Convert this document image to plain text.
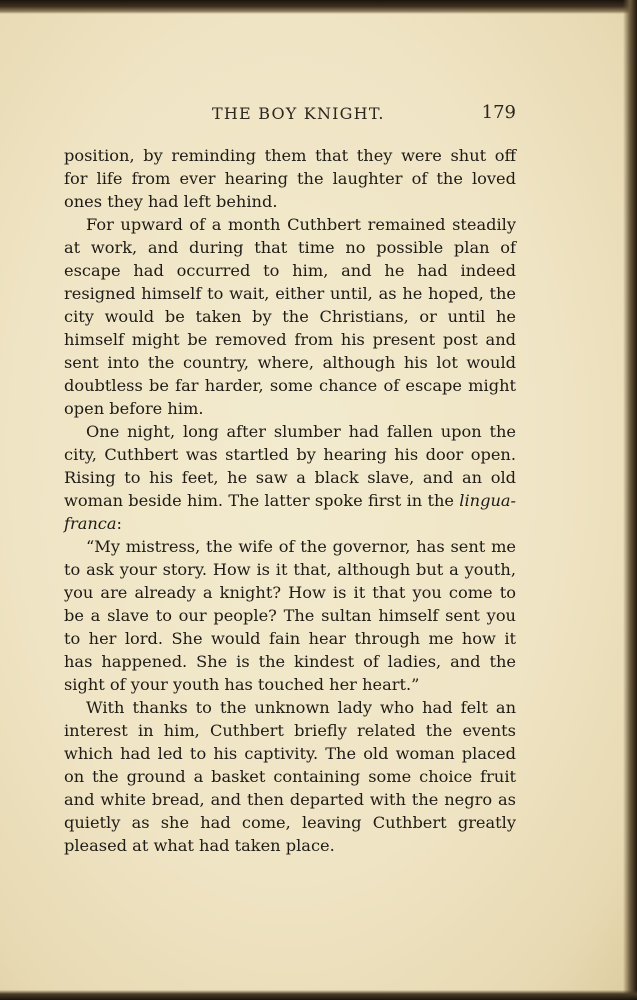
THE BOY KNIGHT.	179

position, by reminding them that they were shut off for life from ever hearing the laughter of the loved ones they had left behind.

For upward of a month Cuthbert remained steadily at work, and during that time no possible plan of escape had occurred to him, and he had indeed resigned himself to wait, either until, as he hoped, the city would be taken by the Christians, or until he himself might be removed from his present post and sent into the country, where, although his lot would doubtless be far harder, some chance of escape might open before him.

One night, long after slumber had fallen upon the city, Cuthbert was startled by hearing his door open. Rising to his feet, he saw a black slave, and an old woman beside him. The latter spoke first in the lingua-franca:

“My mistress, the wife of the governor, has sent me to ask your story. How is it that, although but a youth, you are already a knight? How is it that you come to be a slave to our people? The sultan himself sent you to her lord. She would fain hear through me how it has happened. She is the kindest of ladies, and the sight of your youth has touched her heart.”

With thanks to the unknown lady who had felt an interest in him, Cuthbert briefly related the events which had led to his captivity. The old woman placed on the ground a basket containing some choice fruit and white bread, and then departed with the negro as quietly as she had come, leaving Cuthbert greatly pleased at what had taken place.
